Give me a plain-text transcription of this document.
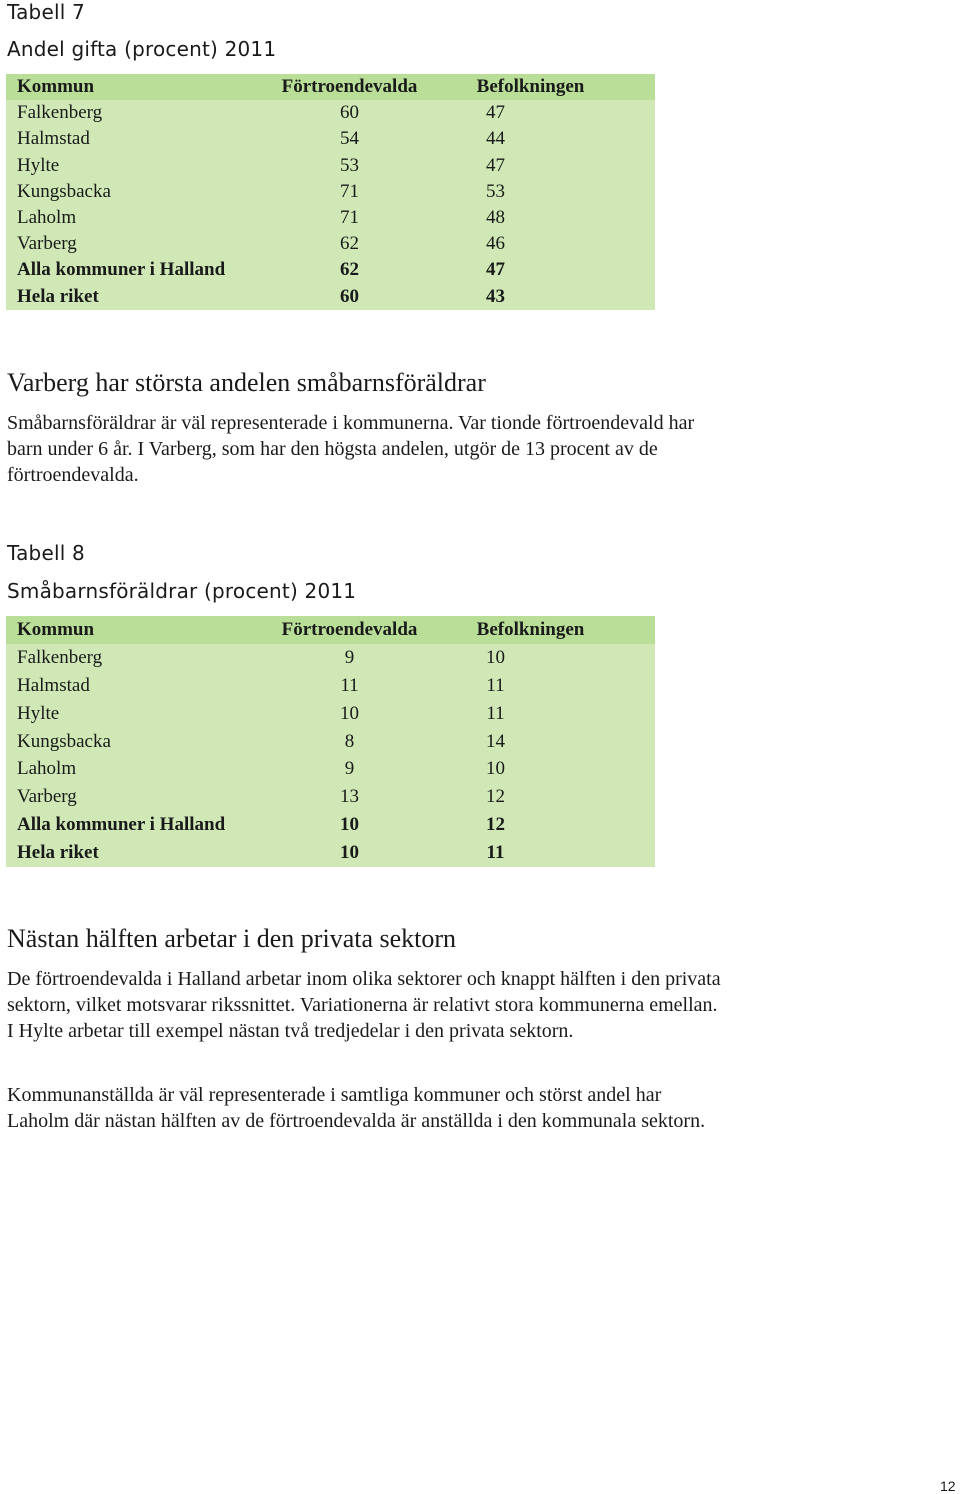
Tabell 7

Andel gifta (procent) 2011

Kommun	Förtroendevalda	Befolkningen
Falkenberg	60	47
Halmstad	54	44
Hylte	53	47
Kungsbacka	71	53
Laholm	71	48
Varberg	62	46
Alla kommuner i Halland	62	47
Hela riket	60	43
Varberg har största andelen småbarnsföräldrar

Småbarnsföräldrar är väl representerade i kommunerna. Var tionde förtroendevald har barn under 6 år. I Varberg, som har den högsta andelen, utgör de 13 procent av de förtroendevalda.

Tabell 8

Småbarnsföräldrar (procent) 2011

Kommun	Förtroendevalda	Befolkningen
Falkenberg	9	10
Halmstad	11	11
Hylte	10	11
Kungsbacka	8	14
Laholm	9	10
Varberg	13	12
Alla kommuner i Halland	10	12
Hela riket	10	11
Nästan hälften arbetar i den privata sektorn

De förtroendevalda i Halland arbetar inom olika sektorer och knappt hälften i den privata sektorn, vilket motsvarar rikssnittet. Variationerna är relativt stora kommunerna emellan. I Hylte arbetar till exempel nästan två tredjedelar i den privata sektorn.

Kommunanställda är väl representerade i samtliga kommuner och störst andel har Laholm där nästan hälften av de förtroendevalda är anställda i den kommunala sektorn.

12
